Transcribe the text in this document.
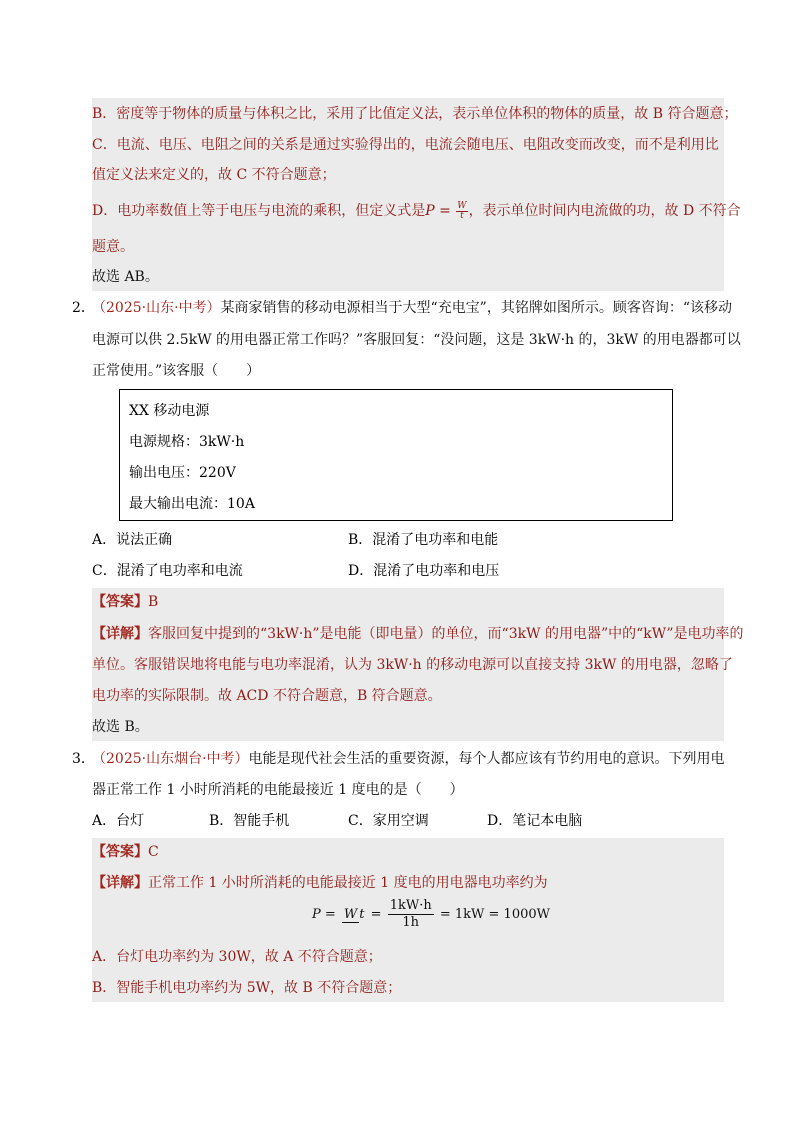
B．密度等于物体的质量与体积之比，采用了比值定义法，表示单位体积的物体的质量，故 B 符合题意；
C．电流、电压、电阻之间的关系是通过实验得出的，电流会随电压、电阻改变而改变，而不是利用比
值定义法来定义的，故 C 不符合题意；
D．电功率数值上等于电压与电流的乘积，但定义式是$P = \frac{W}{t}$ ，表示单位时间内电流做的功，故 D 不符合
题意。
故选 AB。
2．
（2025·山东·中考）某商家销售的移动电源相当于大型“充电宝”，其铭牌如图所示。顾客咨询：“该移动
电源可以供 2.5kW 的用电器正常工作吗？”客服回复：“没问题，这是 3kW·h 的，3kW 的用电器都可以
正常使用。”该客服（　　）
XX 移动电源
电源规格：3kW·h
输出电压：220V
最大输出电流：10A
A．说法正确	B．混淆了电功率和电能
C．混淆了电功率和电流	D．混淆了电功率和电压
【答案】B
【详解】客服回复中提到的“3kW·h”是电能（即电量）的单位，而“3kW 的用电器”中的“kW”是电功率的
单位。客服错误地将电能与电功率混淆，认为 3kW·h 的移动电源可以直接支持 3kW 的用电器，忽略了
电功率的实际限制。故 ACD 不符合题意，B 符合题意。
故选 B。
3．
（2025·山东烟台·中考）电能是现代社会生活的重要资源，每个人都应该有节约用电的意识。下列用电
器正常工作 1 小时所消耗的电能最接近 1 度电的是（　　）
A．台灯	B．智能手机	C．家用空调	D．笔记本电脑
【答案】C
【详解】正常工作 1 小时所消耗的电能最接近 1 度电的用电器电功率约为
P = W $t = \frac{1kW\cdot h}{1h} = 1kW = 1000W$
A．台灯电功率约为 30W，故 A 不符合题意；
B．智能手机电功率约为 5W，故 B 不符合题意；
